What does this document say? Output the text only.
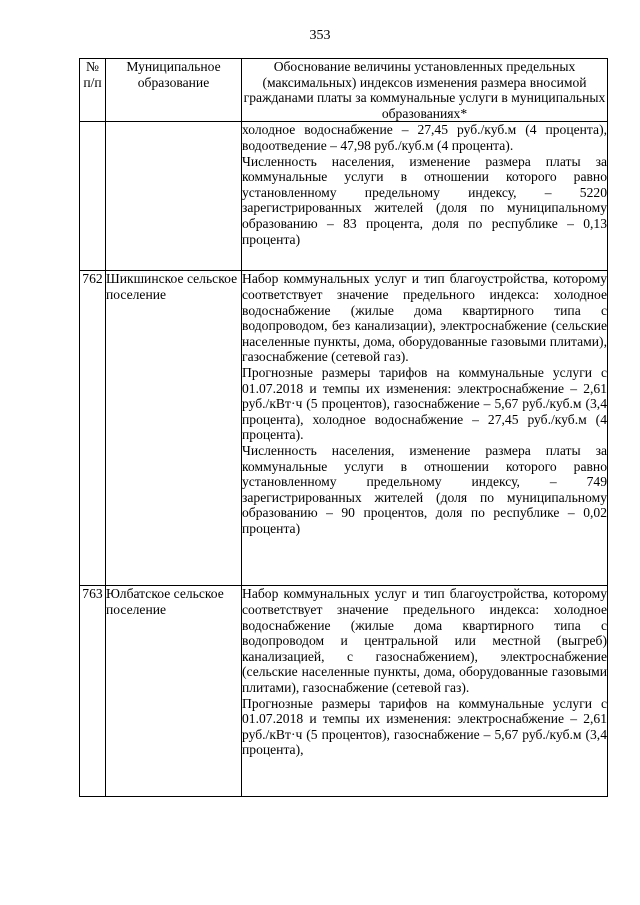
353
№ п/п	Муниципальное образование	Обоснование величины установленных предельных (максимальных) индексов изменения размера вносимой гражданами платы за коммунальные услуги в муниципальных образованиях*

		холодное водоснабжение – 27,45 руб./куб.м (4 процента), водоотведение – 47,98 руб./куб.м (4 процента).

Численность населения, изменение размера платы за коммунальные услуги в отношении которого равно установленному предельному индексу, – 5220 зарегистрированных жителей (доля по муниципальному образованию – 83 процента, доля по республике – 0,13 процента)

762	Шикшинское сельское поселение	Набор коммунальных услуг и тип благоустройства, которому соответствует значение предельного индекса: холодное водоснабжение (жилые дома квартирного типа с водопроводом, без канализации), электроснабжение (сельские населенные пункты, дома, оборудованные газовыми плитами), газоснабжение (сетевой газ).

Прогнозные размеры тарифов на коммунальные услуги с 01.07.2018 и темпы их изменения: электроснабжение – 2,61 руб./кВт·ч (5 процентов), газоснабжение – 5,67 руб./куб.м (3,4 процента), холодное водоснабжение – 27,45 руб./куб.м (4 процента).

Численность населения, изменение размера платы за коммунальные услуги в отношении которого равно установленному предельному индексу, – 749 зарегистрированных жителей (доля по муниципальному образованию – 90 процентов, доля по республике – 0,02 процента)

763	Юлбатское сельское поселение	Набор коммунальных услуг и тип благоустройства, которому соответствует значение предельного индекса: холодное водоснабжение (жилые дома квартирного типа с водопроводом и центральной или местной (выгреб) канализацией, с газоснабжением), электроснабжение (сельские населенные пункты, дома, оборудованные газовыми плитами), газоснабжение (сетевой газ).

Прогнозные размеры тарифов на коммунальные услуги с 01.07.2018 и темпы их изменения: электроснабжение – 2,61 руб./кВт·ч (5 процентов), газоснабжение – 5,67 руб./куб.м (3,4 процента),
